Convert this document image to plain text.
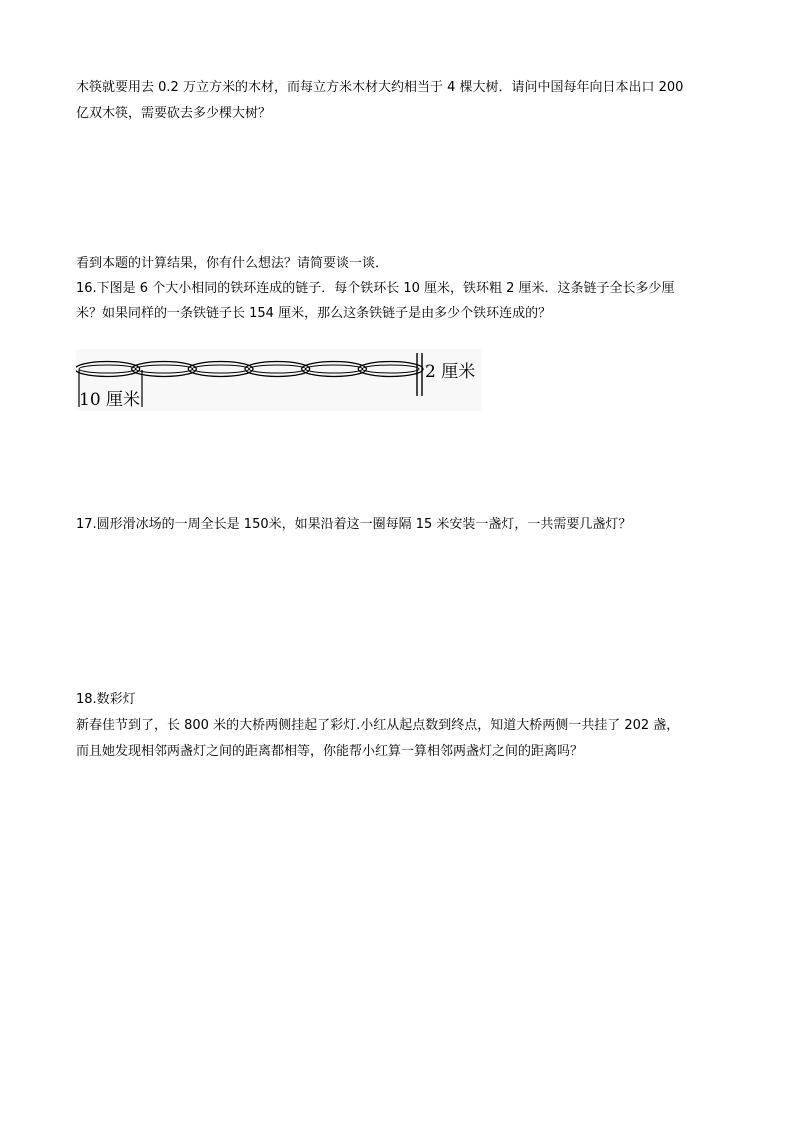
木筷就要用去 0.2 万立方米的木材，而每立方米木材大约相当于 4 棵大树．请问中国每年向日本出口 200
亿双木筷，需要砍去多少棵大树？
看到本题的计算结果，你有什么想法？请简要谈一谈．
16.下图是 6 个大小相同的铁环连成的链子．每个铁环长 10 厘米，铁环粗 2 厘米．这条链子全长多少厘
米？如果同样的一条铁链子长 154 厘米，那么这条铁链子是由多少个铁环连成的？
2 厘米
10 厘米
17.圆形滑冰场的一周全长是 150米，如果沿着这一圈每隔 15 米安装一盏灯，一共需要几盏灯？
18.数彩灯
新春佳节到了，长 800 米的大桥两侧挂起了彩灯.小红从起点数到终点，知道大桥两侧一共挂了 202 盏，
而且她发现相邻两盏灯之间的距离都相等，你能帮小红算一算相邻两盏灯之间的距离吗？
